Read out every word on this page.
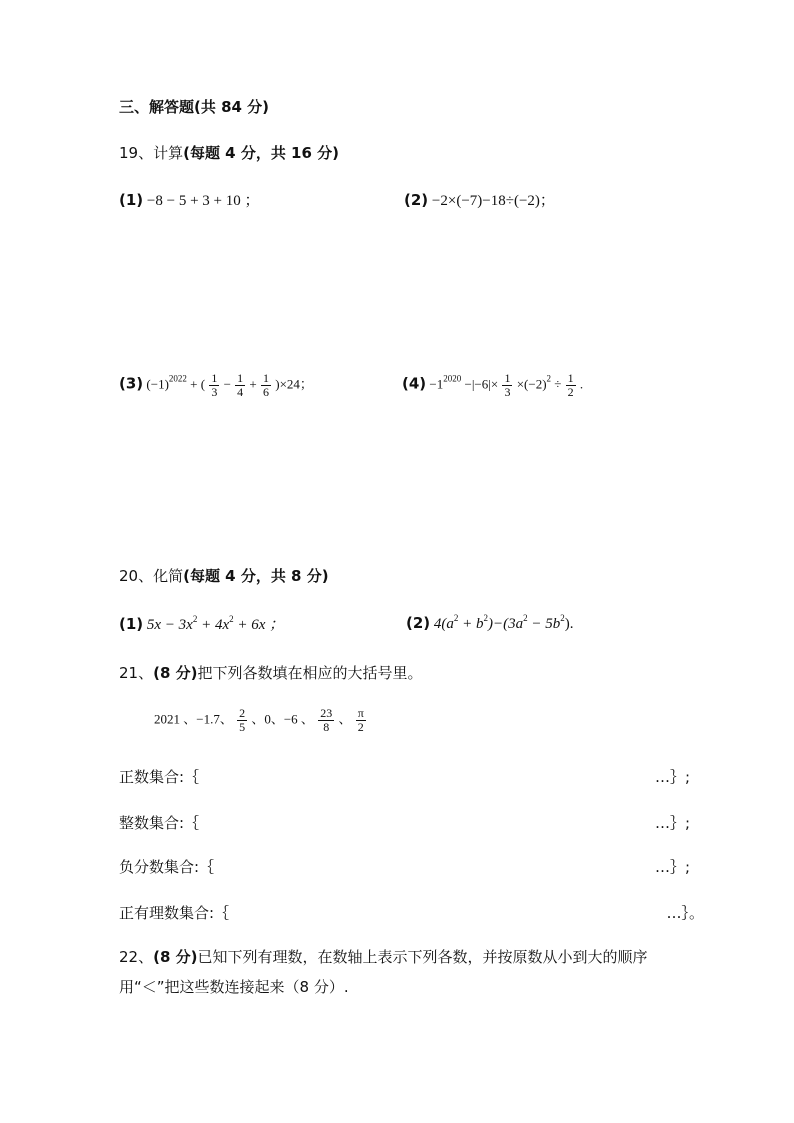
三、解答题(共 84 分)
19、计算(每题 4 分，共 16 分)
(1) −8 − 5 + 3 + 10 ；	(2) −2×(−7)−18÷(−2)；
(3) $(-1)^{2022}$ + ( $\frac{1}{3} - \frac{1}{4} + \frac{1}{6} )\times 24$；	$(4) -1^{2020} -|-6|\times \frac{1}{3} \times(-2)^2 \div \frac{1}{2}$ .
20、化简(每题 4 分，共 8 分)
(1) $5x - 3x^2 + 4x^2 + 6x$ ；	(2) $4(a^2 + b^2)-(3a^2 - 5b^2)$.
21、(8 分)把下列各数填在相应的大括号里。
2021 、−1.7、 $\frac{2}{5}$ 、0、−6 、 $\frac{23}{8}$ 、 $\frac{\pi}{2}$
正数集合:｛	…｝;
整数集合:｛	…｝;
负分数集合:｛	…｝;
正有理数集合:｛	…｝。
22、(8 分)已知下列有理数，在数轴上表示下列各数，并按原数从小到大的顺序
用“＜”把这些数连接起来（8 分）.
